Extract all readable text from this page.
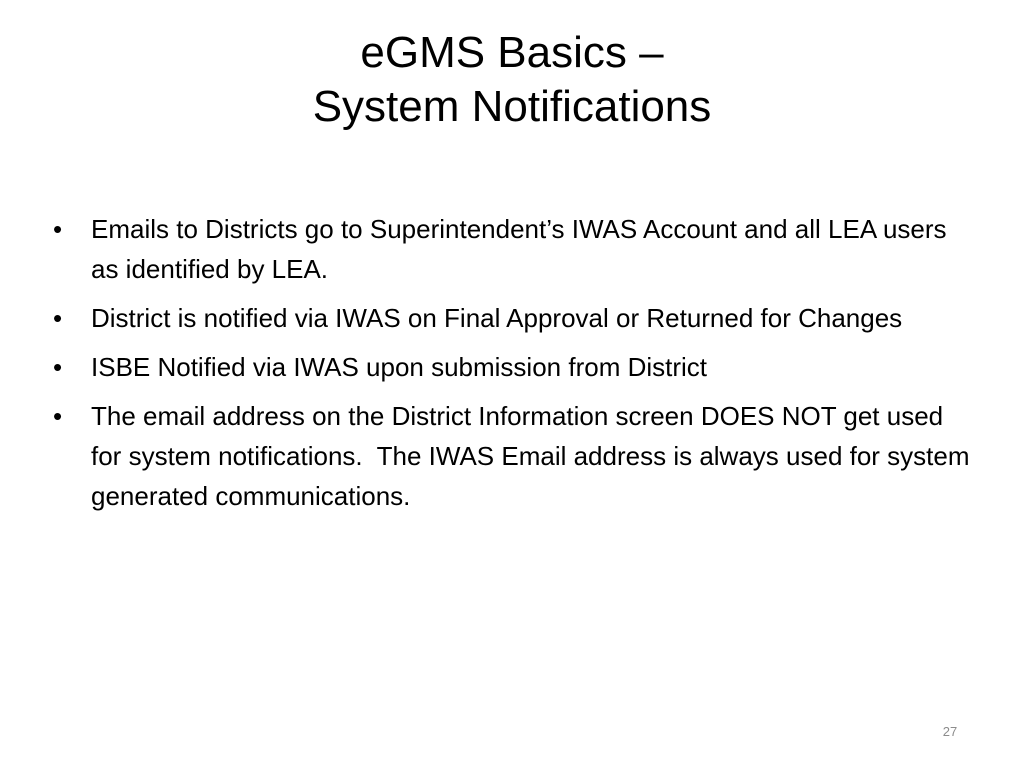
eGMS Basics –
System Notifications
• Emails to Districts go to Superintendent’s IWAS Account and all LEA users as identified by LEA.
• District is notified via IWAS on Final Approval or Returned for Changes
• ISBE Notified via IWAS upon submission from District
• The email address on the District Information screen DOES NOT get used for system notifications.  The IWAS Email address is always used for system generated communications.
27
